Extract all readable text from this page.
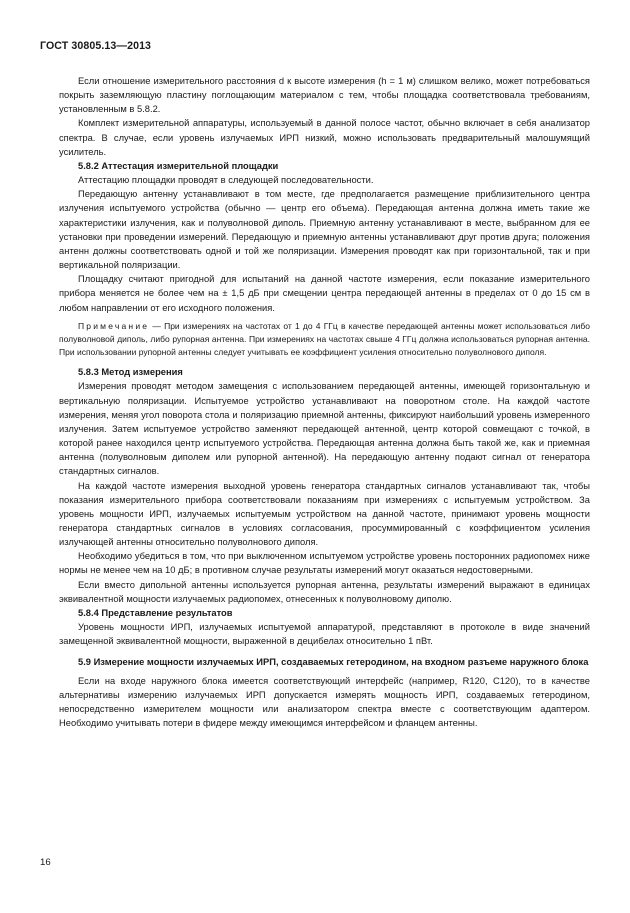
ГОСТ 30805.13—2013

Если отношение измерительного расстояния d к высоте измерения (h = 1 м) слишком велико, может потребоваться покрыть заземляющую пластину поглощающим материалом с тем, чтобы площадка соответствовала требованиям, установленным в 5.8.2.

Комплект измерительной аппаратуры, используемый в данной полосе частот, обычно включает в себя анализатор спектра. В случае, если уровень излучаемых ИРП низкий, можно использовать предварительный малошумящий усилитель.

5.8.2 Аттестация измерительной площадки

Аттестацию площадки проводят в следующей последовательности.

Передающую антенну устанавливают в том месте, где предполагается размещение приблизительного центра излучения испытуемого устройства (обычно — центр его объема). Передающая антенна должна иметь такие же характеристики излучения, как и полуволновой диполь. Приемную антенну устанавливают в месте, выбранном для ее установки при проведении измерений. Передающую и приемную антенны устанавливают друг против друга; положения антенн должны соответствовать одной и той же поляризации. Измерения проводят как при горизонтальной, так и при вертикальной поляризации.

Площадку считают пригодной для испытаний на данной частоте измерения, если показание измерительного прибора меняется не более чем на ± 1,5 дБ при смещении центра передающей антенны в пределах от 0 до 15 см в любом направлении от его исходного положения.

Примечание — При измерениях на частотах от 1 до 4 ГГц в качестве передающей антенны может использоваться либо полуволновой диполь, либо рупорная антенна. При измерениях на частотах свыше 4 ГГц должна использоваться рупорная антенна. При использовании рупорной антенны следует учитывать ее коэффициент усиления относительно полуволнового диполя.

5.8.3 Метод измерения

Измерения проводят методом замещения с использованием передающей антенны, имеющей горизонтальную и вертикальную поляризации. Испытуемое устройство устанавливают на поворотном столе. На каждой частоте измерения, меняя угол поворота стола и поляризацию приемной антенны, фиксируют наибольший уровень измеренного излучения. Затем испытуемое устройство заменяют передающей антенной, центр которой совмещают с точкой, в которой ранее находился центр испытуемого устройства. Передающая антенна должна быть такой же, как и приемная антенна (полуволновым диполем или рупорной антенной). На передающую антенну подают сигнал от генератора стандартных сигналов.

На каждой частоте измерения выходной уровень генератора стандартных сигналов устанавливают так, чтобы показания измерительного прибора соответствовали показаниям при измерениях с испытуемым устройством. За уровень мощности ИРП, излучаемых испытуемым устройством на данной частоте, принимают уровень мощности генератора стандартных сигналов в условиях согласования, просуммированный с коэффициентом усиления излучающей антенны относительно полуволнового диполя.

Необходимо убедиться в том, что при выключенном испытуемом устройстве уровень посторонних радиопомех ниже нормы не менее чем на 10 дБ; в противном случае результаты измерений могут оказаться недостоверными.

Если вместо дипольной антенны используется рупорная антенна, результаты измерений выражают в единицах эквивалентной мощности излучаемых радиопомех, отнесенных к полуволновому диполю.

5.8.4 Представление результатов

Уровень мощности ИРП, излучаемых испытуемой аппаратурой, представляют в протоколе в виде значений замещенной эквивалентной мощности, выраженной в децибелах относительно 1 пВт.

5.9 Измерение мощности излучаемых ИРП, создаваемых гетеродином, на входном разъеме наружного блока

Если на входе наружного блока имеется соответствующий интерфейс (например, R120, C120), то в качестве альтернативы измерению излучаемых ИРП допускается измерять мощность ИРП, создаваемых гетеродином, непосредственно измерителем мощности или анализатором спектра вместе с соответствующим адаптером. Необходимо учитывать потери в фидере между имеющимся интерфейсом и фланцем антенны.

16
